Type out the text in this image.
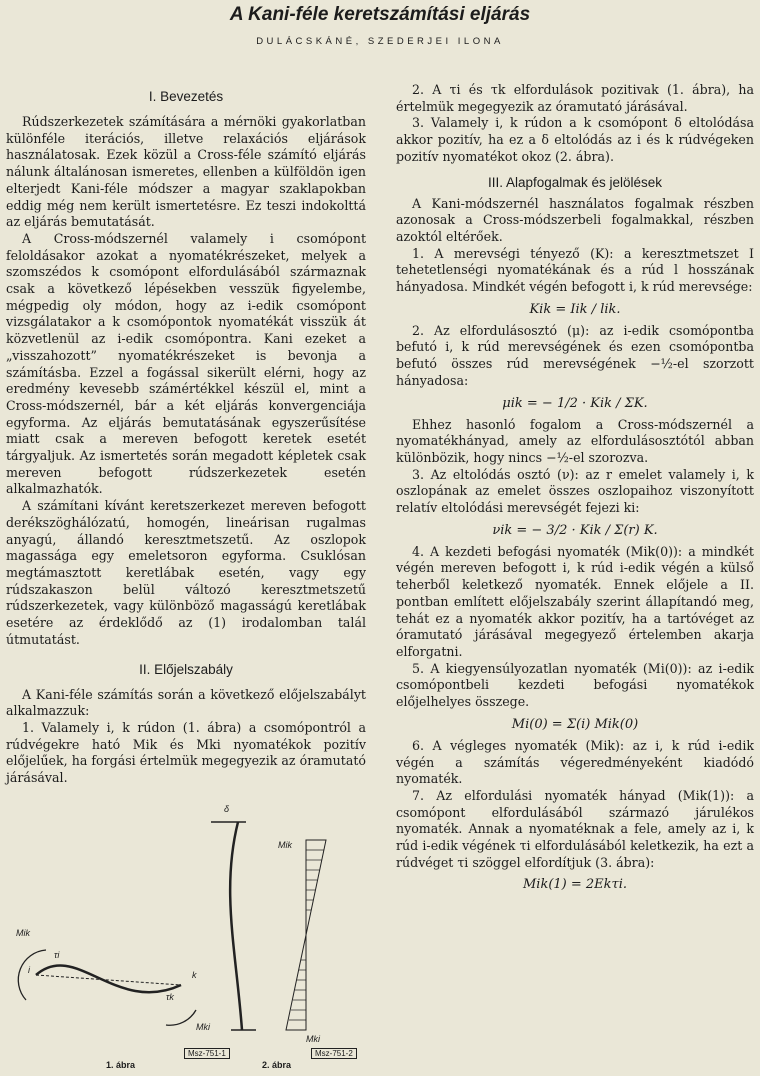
A Kani-féle keretszámítási eljárás
DULÁCSKÁNÉ, SZEDERJEI ILONA
I. Bevezetés

Rúdszerkezetek számítására a mérnöki gyakorlatban különféle iterációs, illetve relaxációs eljárások használatosak. Ezek közül a Cross-féle számító eljárás nálunk általánosan ismeretes, ellenben a külföldön igen elterjedt Kani-féle módszer a magyar szaklapokban eddig még nem került ismertetésre. Ez teszi indokolttá az eljárás bemutatását.

A Cross-módszernél valamely i csomópont feloldásakor azokat a nyomatékrészeket, melyek a szomszédos k csomópont elfordulásából származnak csak a következő lépésekben vesszük figyelembe, mégpedig oly módon, hogy az i-edik csomópont vizsgálatakor a k csomópontok nyomatékát visszük át közvetlenül az i-edik csomópontra. Kani ezeket a „visszahozott” nyomatékrészeket is bevonja a számításba. Ezzel a fogással sikerült elérni, hogy az eredmény kevesebb számértékkel készül el, mint a Cross-módszernél, bár a két eljárás konvergenciája egyforma. Az eljárás bemutatásának egyszerűsítése miatt csak a mereven befogott keretek esetét tárgyaljuk. Az ismertetés során megadott képletek csak mereven befogott rúdszerkezetek esetén alkalmazhatók.

A számítani kívánt keretszerkezet mereven befogott derékszöghálózatú, homogén, lineárisan rugalmas anyagú, állandó keresztmetszetű. Az oszlopok magassága egy emeletsoron egyforma. Csuklósan megtámasztott keretlábak esetén, vagy egy rúdszakaszon belül változó keresztmetszetű rúdszerkezetek, vagy különböző magasságú keretlábak esetére az érdeklődő az (1) irodalomban talál útmutatást.

II. Előjelszabály

A Kani-féle számítás során a következő előjelszabályt alkalmazzuk:

1. Valamely i, k rúdon (1. ábra) a csomópontról a rúdvégekre ható Mik és Mki nyomatékok pozitív előjelűek, ha forgási értelmük megegyezik az óramutató járásával.

Mik
i	k
τi
τk
Mki
δ
Mik
Mki
Msz-751-1	Msz-751-2
1. ábra	2. ábra

2. A τi és τk elfordulások pozitivak (1. ábra), ha értelmük megegyezik az óramutató járásával.

3. Valamely i, k rúdon a k csomópont δ eltolódása akkor pozitív, ha ez a δ eltolódás az i és k rúdvégeken pozitív nyomatékot okoz (2. ábra).

III. Alapfogalmak és jelölések

A Kani-módszernél használatos fogalmak részben azonosak a Cross-módszerbeli fogalmakkal, részben azoktól eltérőek.

1. A merevségi tényező (K): a keresztmetszet I tehetetlenségi nyomatékának és a rúd l hosszának hányadosa. Mindkét végén befogott i, k rúd merevsége:

Kik = Iik / lik.

2. Az elfordulásosztó (μ): az i-edik csomópontba befutó i, k rúd merevségének és ezen csomópontba befutó összes rúd merevségének −½-el szorzott hányadosa:

μik = − 1/2 · Kik / ΣK.

Ehhez hasonló fogalom a Cross-módszernél a nyomatékhányad, amely az elfordulásosztótól abban különbözik, hogy nincs −½-el szorozva.

3. Az eltolódás osztó (ν): az r emelet valamely i, k oszlopának az emelet összes oszlopaihoz viszonyított relatív eltolódási merevségét fejezi ki:

νik = − 3/2 · Kik / Σ(r) K.

4. A kezdeti befogási nyomaték (Mik(0)): a mindkét végén mereven befogott i, k rúd i-edik végén a külső teherből keletkező nyomaték. Ennek előjele a II. pontban említett előjelszabály szerint állapítandó meg, tehát ez a nyomaték akkor pozitív, ha a tartóvéget az óramutató járásával megegyező értelemben akarja elforgatni.

5. A kiegyensúlyozatlan nyomaték (Mi(0)): az i-edik csomópontbeli kezdeti befogási nyomatékok előjelhelyes összege.

Mi(0) = Σ(i) Mik(0)

6. A végleges nyomaték (Mik): az i, k rúd i-edik végén a számítás végeredményeként kiadódó nyomaték.

7. Az elfordulási nyomaték hányad (Mik(1)): a csomópont elfordulásából származó járulékos nyomaték. Annak a nyomatéknak a fele, amely az i, k rúd i-edik végének τi elfordulásából keletkezik, ha ezt a rúdvéget τi szöggel elfordítjuk (3. ábra):

Mik(1) = 2Ekτi.
